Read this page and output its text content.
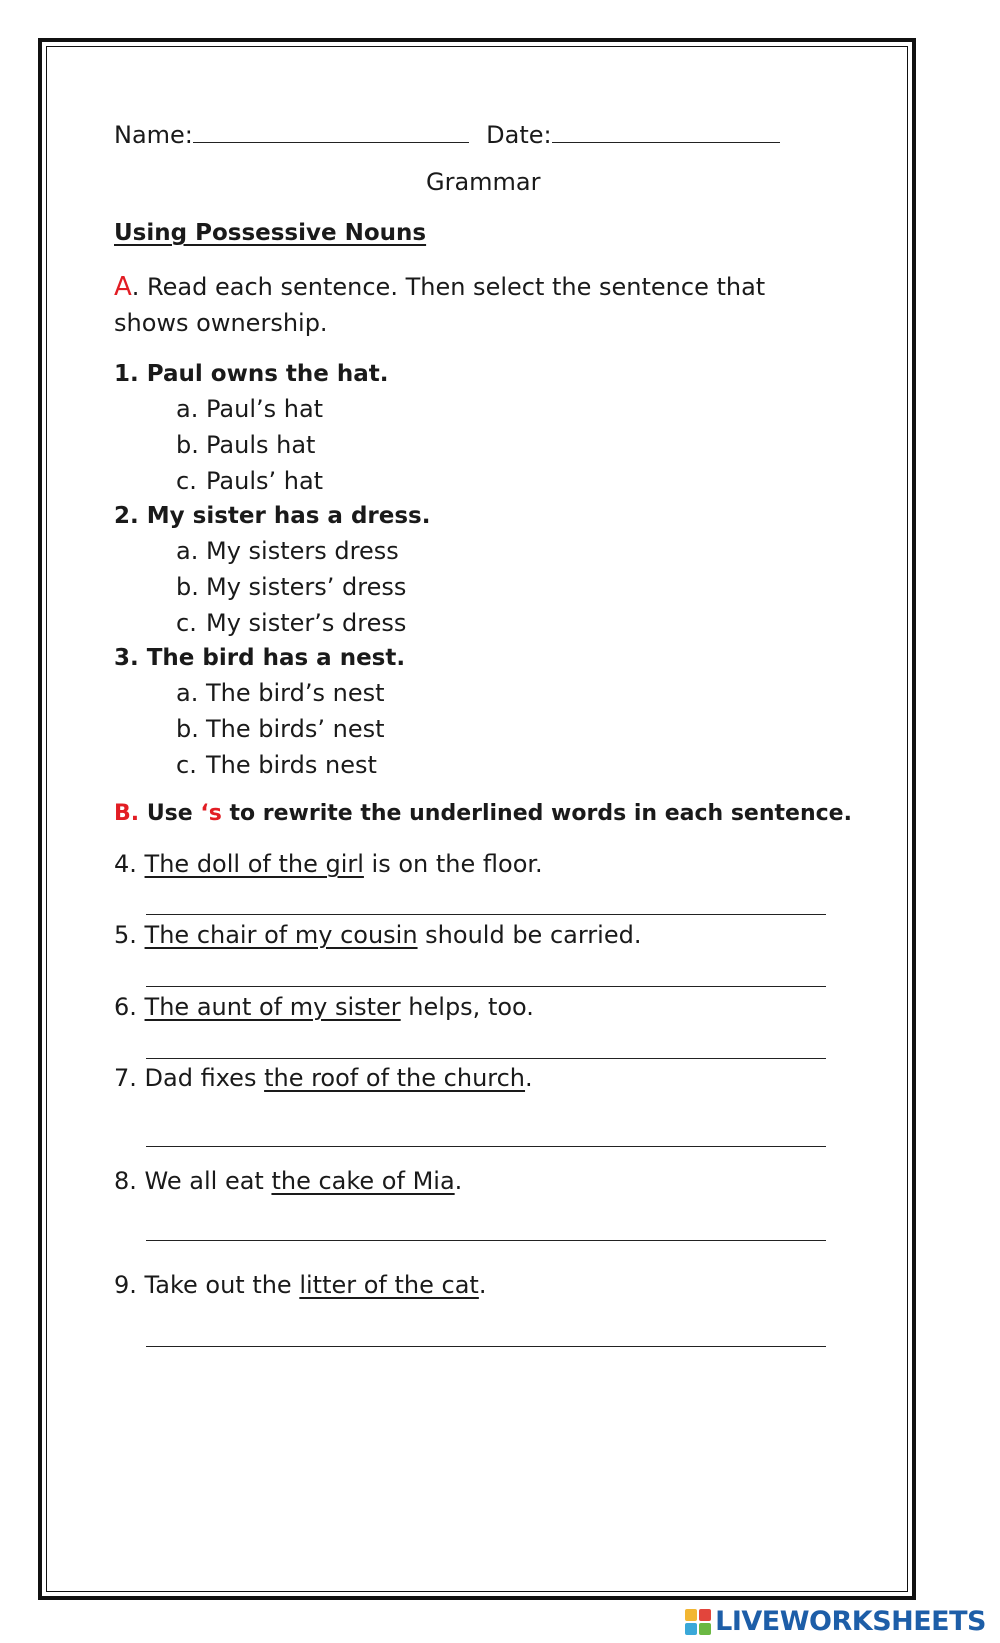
Name:	Date:
Grammar
Using Possessive Nouns
A. Read each sentence. Then select the sentence that
shows ownership.
1. Paul owns the hat.
a. Paul’s hat
b. Pauls hat
c. Pauls’ hat
2. My sister has a dress.
a. My sisters dress
b. My sisters’ dress
c. My sister’s dress
3. The bird has a nest.
a. The bird’s nest
b. The birds’ nest
c. The birds nest
B. Use ‘s to rewrite the underlined words in each sentence.
4. The doll of the girl is on the floor.
5. The chair of my cousin should be carried.
6. The aunt of my sister helps, too.
7. Dad fixes the roof of the church.
8. We all eat the cake of Mia.
9. Take out the litter of the cat.
LIVEWORKSHEETS
